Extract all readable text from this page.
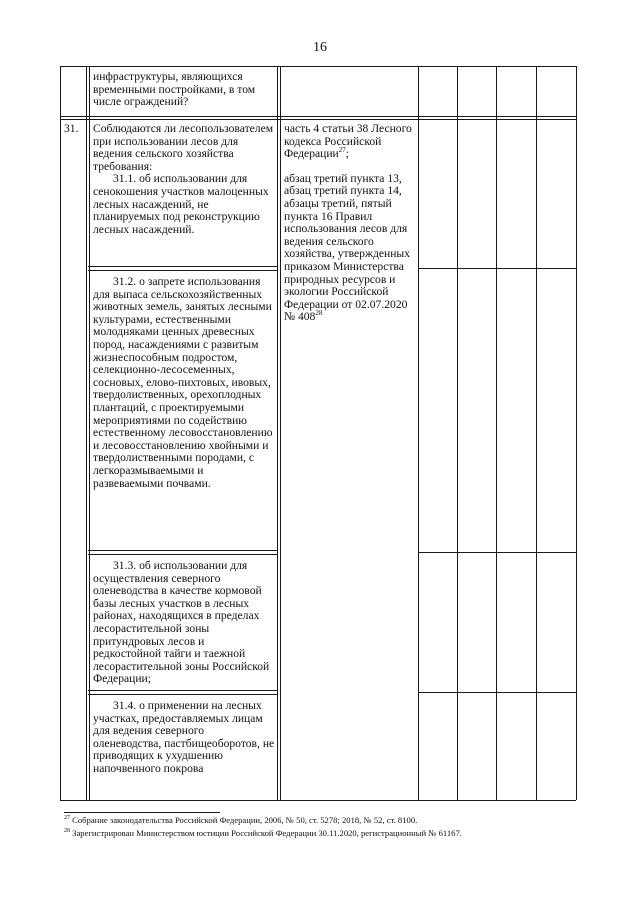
16

инфраструктуры, являющихся временными постройками, в том числе ограждений?

31. Соблюдаются ли лесопользователем при использовании лесов для ведения сельского хозяйства требования:

31.1. об использовании для сенокошения участков малоценных лесных насаждений, не планируемых под реконструкцию лесных насаждений.

31.2. о запрете использования для выпаса сельскохозяйственных животных земель, занятых лесными культурами, естественными молодняками ценных древесных пород, насаждениями с развитым жизнеспособным подростом, селекционно-лесосеменных, сосновых, елово-пихтовых, ивовых, твердолиственных, орехоплодных плантаций, с проектируемыми мероприятиями по содействию естественному лесовосстановлению и лесовосстановлению хвойными и твердолиственными породами, с легкоразмываемыми и развеваемыми почвами.

31.3. об использовании для осуществления северного оленеводства в качестве кормовой базы лесных участков в лесных районах, находящихся в пределах лесорастительной зоны притундровых лесов и редкостойной тайги и таежной лесорастительной зоны Российской Федерации;

31.4. о применении на лесных участках, предоставляемых лицам для ведения северного оленеводства, пастбищеоборотов, не приводящих к ухудшению напочвенного покрова

часть 4 статьи 38 Лесного кодекса Российской Федерации$^{27}$;

абзац третий пункта 13, абзац третий пункта 14, абзацы третий, пятый пункта 16 Правил использования лесов для ведения сельского хозяйства, утвержденных приказом Министерства природных ресурсов и экологии Российской Федерации от 02.07.2020 № $408^{28}$

$^{27}$ Собрание законодательства Российской Федерации, 2006, № 50, ст. 5278; 2018, № 52, ст. 8100.
$^{28}$ Зарегистрирован Министерством юстиции Российской Федерации 30.11.2020, регистрационный № 61167.
